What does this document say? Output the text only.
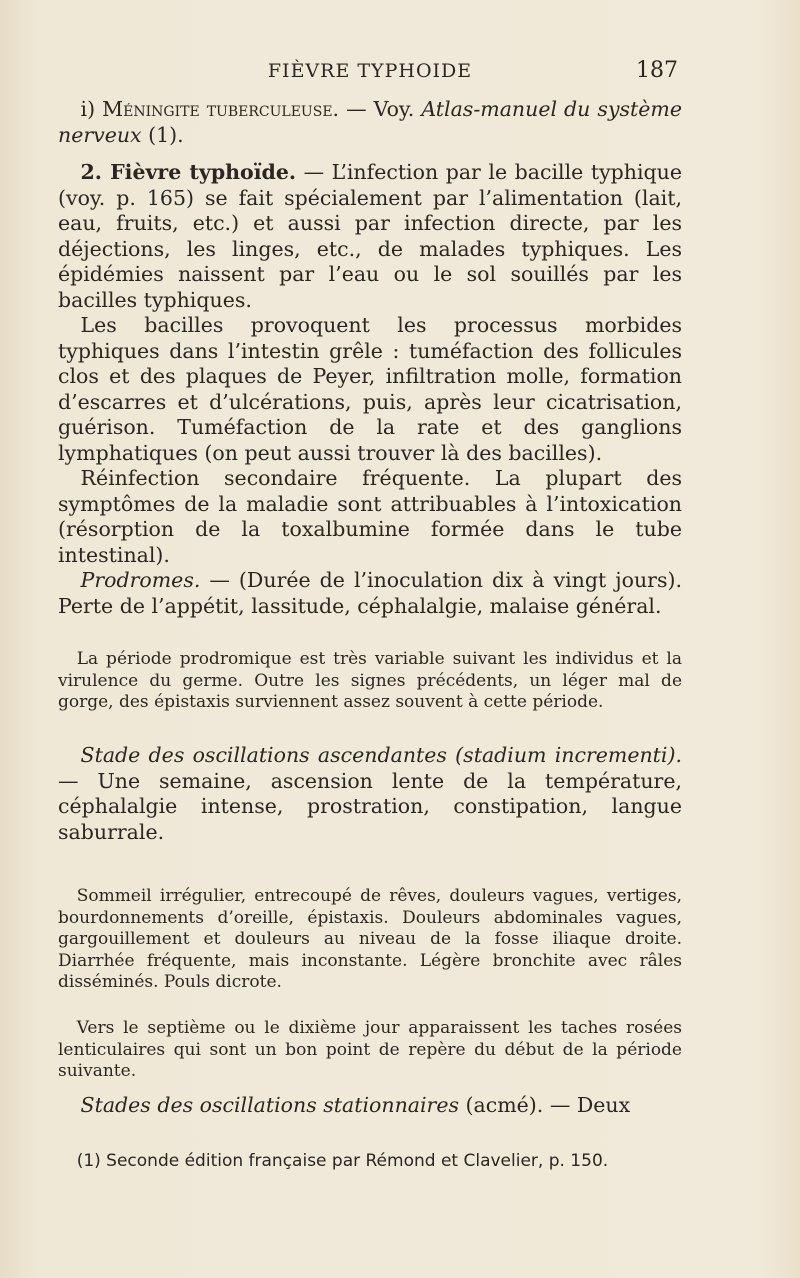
FIÈVRE TYPHOIDE	187

i) Méningite tuberculeuse. — Voy. Atlas-manuel du système nerveux (1).

2. Fièvre typhoïde. — L’infection par le bacille typhique (voy. p. 165) se fait spécialement par l’alimentation (lait, eau, fruits, etc.) et aussi par infection directe, par les déjections, les linges, etc., de malades typhiques. Les épidémies naissent par l’eau ou le sol souillés par les bacilles typhiques.

Les bacilles provoquent les processus morbides typhiques dans l’intestin grêle : tuméfaction des follicules clos et des plaques de Peyer, infiltration molle, formation d’escarres et d’ulcérations, puis, après leur cicatrisation, guérison. Tuméfaction de la rate et des ganglions lymphatiques (on peut aussi trouver là des bacilles).

Réinfection secondaire fréquente. La plupart des symptômes de la maladie sont attribuables à l’intoxication (résorption de la toxalbumine formée dans le tube intestinal).

Prodromes. — (Durée de l’inoculation dix à vingt jours). Perte de l’appétit, lassitude, céphalalgie, malaise général.

La période prodromique est très variable suivant les individus et la virulence du germe. Outre les signes précédents, un léger mal de gorge, des épistaxis surviennent assez souvent à cette période.

Stade des oscillations ascendantes (stadium incrementi). — Une semaine, ascension lente de la température, céphalalgie intense, prostration, constipation, langue saburrale.

Sommeil irrégulier, entrecoupé de rêves, douleurs vagues, vertiges, bourdonnements d’oreille, épistaxis. Douleurs abdominales vagues, gargouillement et douleurs au niveau de la fosse iliaque droite. Diarrhée fréquente, mais inconstante. Légère bronchite avec râles disséminés. Pouls dicrote.

Vers le septième ou le dixième jour apparaissent les taches rosées lenticulaires qui sont un bon point de repère du début de la période suivante.

Stades des oscillations stationnaires (acmé). — Deux

(1) Seconde édition française par Rémond et Clavelier, p. 150.
